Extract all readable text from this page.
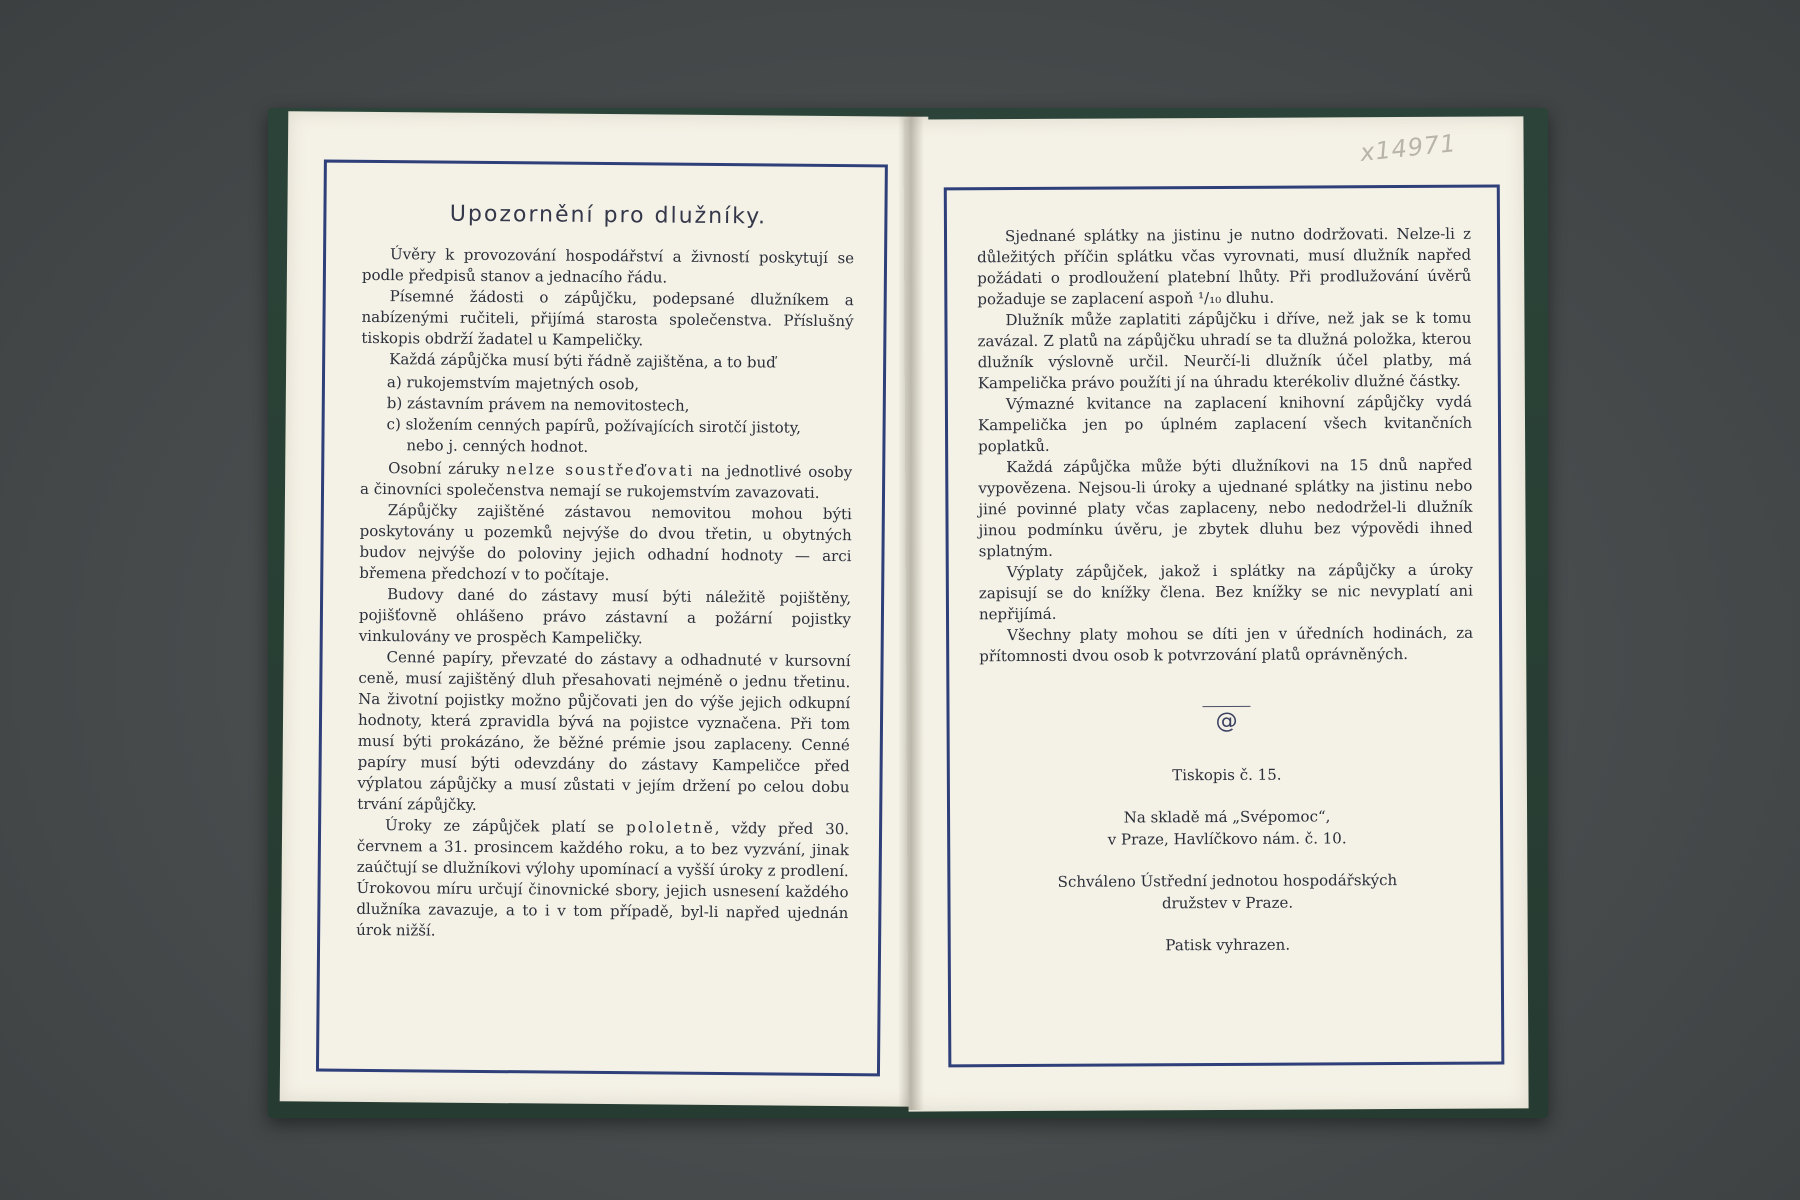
Upozornění pro dlužníky.

Úvěry k provozování hospodářství a živností poskytují se podle předpisů stanov a jednacího řádu.

Písemné žádosti o zápůjčku, podepsané dlužníkem a nabízenými ručiteli, přijímá starosta společenstva. Příslušný tiskopis obdrží žadatel u Kampeličky.

Každá zápůjčka musí býti řádně zajištěna, a to buď

a) rukojemstvím majetných osob,
b) zástavním právem na nemovitostech,
c) složením cenných papírů, požívajících sirotčí jistoty,
nebo j. cenných hodnot.

Osobní záruky nelze soustřeďovati na jednotlivé osoby a činovníci společenstva nemají se rukojemstvím zavazovati.

Zápůjčky zajištěné zástavou nemovitou mohou býti poskytovány u pozemků nejvýše do dvou třetin, u obytných budov nejvýše do poloviny jejich odhadní hodnoty — arci břemena předchozí v to počítaje.

Budovy dané do zástavy musí býti náležitě pojištěny, pojišťovně ohlášeno právo zástavní a požární pojistky vinkulovány ve prospěch Kampeličky.

Cenné papíry, převzaté do zástavy a odhadnuté v kursovní ceně, musí zajištěný dluh přesahovati nejméně o jednu třetinu. Na životní pojistky možno půjčovati jen do výše jejich odkupní hodnoty, která zpravidla bývá na pojistce vyznačena. Při tom musí býti prokázáno, že běžné prémie jsou zaplaceny. Cenné papíry musí býti odevzdány do zástavy Kampeličce před výplatou zápůjčky a musí zůstati v jejím držení po celou dobu trvání zápůjčky.

Úroky ze zápůjček platí se pololetně, vždy před 30. červnem a 31. prosincem každého roku, a to bez vyzvání, jinak zaúčtují se dlužníkovi výlohy upomínací a vyšší úroky z prodlení. Úrokovou míru určují činovnické sbory, jejich usnesení každého dlužníka zavazuje, a to i v tom případě, byl-li napřed ujednán úrok nižší.

Sjednané splátky na jistinu je nutno dodržovati. Nelze-li z důležitých příčin splátku včas vyrovnati, musí dlužník napřed požádati o prodloužení platební lhůty. Při prodlužování úvěrů požaduje se zaplacení aspoň ¹/₁₀ dluhu.

Dlužník může zaplatiti zápůjčku i dříve, než jak se k tomu zavázal. Z platů na zápůjčku uhradí se ta dlužná položka, kterou dlužník výslovně určil. Neurčí-li dlužník účel platby, má Kampelička právo použíti jí na úhradu kterékoliv dlužné částky.

Výmazné kvitance na zaplacení knihovní zápůjčky vydá Kampelička jen po úplném zaplacení všech kvitančních poplatků.

Každá zápůjčka může býti dlužníkovi na 15 dnů napřed vypovězena. Nejsou-li úroky a ujednané splátky na jistinu nebo jiné povinné platy včas zaplaceny, nebo nedodržel-li dlužník jinou podmínku úvěru, je zbytek dluhu bez výpovědi ihned splatným.

Výplaty zápůjček, jakož i splátky na zápůjčky a úroky zapisují se do knížky člena. Bez knížky se nic nevyplatí ani nepřijímá.

Všechny platy mohou se díti jen v úředních hodinách, za přítomnosti dvou osob k potvrzování platů oprávněných.

@
Tiskopis č. 15.
Na skladě má „Svépomoc“,
v Praze, Havlíčkovo nám. č. 10.
Schváleno Ústřední jednotou hospodářských
družstev v Praze.
Patisk vyhrazen.
x14971
